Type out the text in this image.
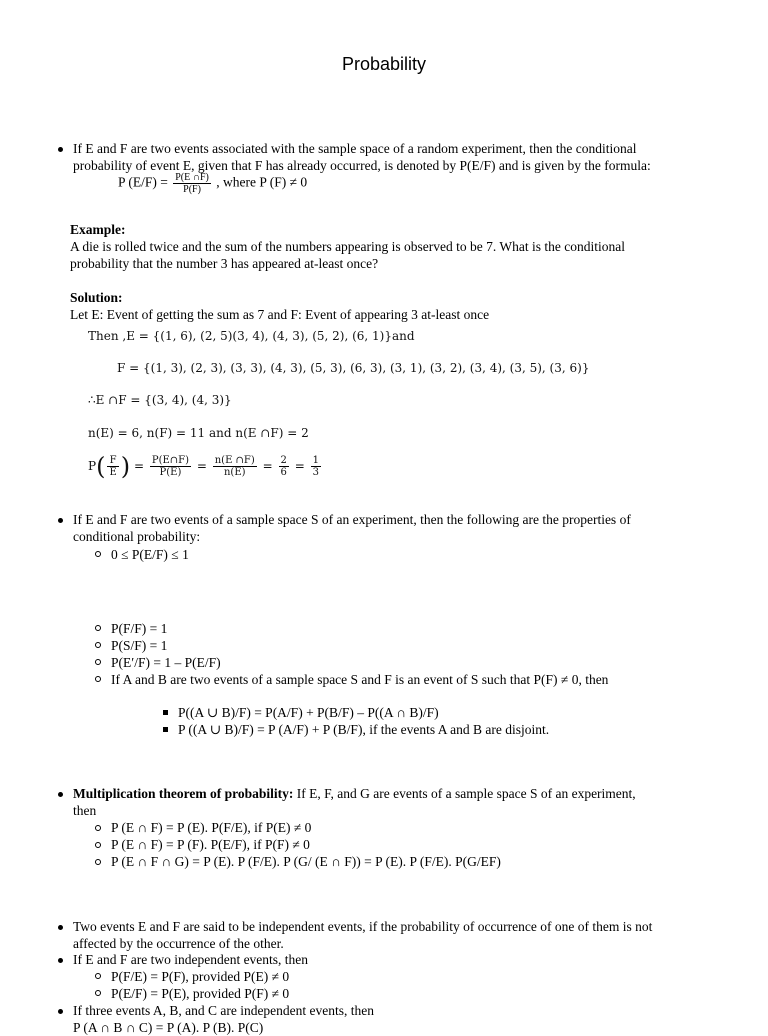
Probability
If E and F are two events associated with the sample space of a random experiment, then the conditional
probability of event E, given that F has already occurred, is denoted by P(E/F) and is given by the formula:
P $(E/F) = \frac{P(E \cap F)}{P(F)}$ , where P (F) ≠ 0
Example:
A die is rolled twice and the sum of the numbers appearing is observed to be 7. What is the conditional
probability that the number 3 has appeared at-least once?
Solution:
Let E: Event of getting the sum as 7 and F: Event of appearing 3 at-least once
Then ,E = {(1, 6), (2, 5)(3, 4), (4, 3), (5, 2), (6, 1)}and
F = {(1, 3), (2, 3), (3, 3), (4, 3), (5, 3), (6, 3), (3, 1), (3, 2), (3, 4), (3, 5), (3, 6)}
∴E ∩F = {(3, 4), (4, 3)}
n(E) = 6, n(F) = 11 and n(E ∩F) = 2
$P( \frac{F}{E}$ ) = $\frac{P(E\cap F)}{P(E)} = \frac{n(E \cap F)}{n(E)} = \frac{2}{6} = \frac{1}{3}$
If E and F are two events of a sample space S of an experiment, then the following are the properties of
conditional probability:
0 ≤ P(E/F) ≤ 1
P(F/F) = 1
P(S/F) = 1
P(E′/F) = 1 – P(E/F)
If A and B are two events of a sample space S and F is an event of S such that P(F) ≠ 0, then
P((A ∪ B)/F) = P(A/F) + P(B/F) – P((A ∩ B)/F)
P ((A ∪ B)/F) = P (A/F) + P (B/F), if the events A and B are disjoint.
Multiplication theorem of probability: If E, F, and G are events of a sample space S of an experiment,
then
P (E ∩ F) = P (E). P(F/E), if P(E) ≠ 0
P (E ∩ F) = P (F). P(E/F), if P(F) ≠ 0
P (E ∩ F ∩ G) = P (E). P (F/E). P (G/ (E ∩ F)) = P (E). P (F/E). P(G/EF)
Two events E and F are said to be independent events, if the probability of occurrence of one of them is not
affected by the occurrence of the other.
If E and F are two independent events, then
P(F/E) = P(F), provided P(E) ≠ 0
P(E/F) = P(E), provided P(F) ≠ 0
If three events A, B, and C are independent events, then
P (A ∩ B ∩ C) = P (A). P (B). P(C)
